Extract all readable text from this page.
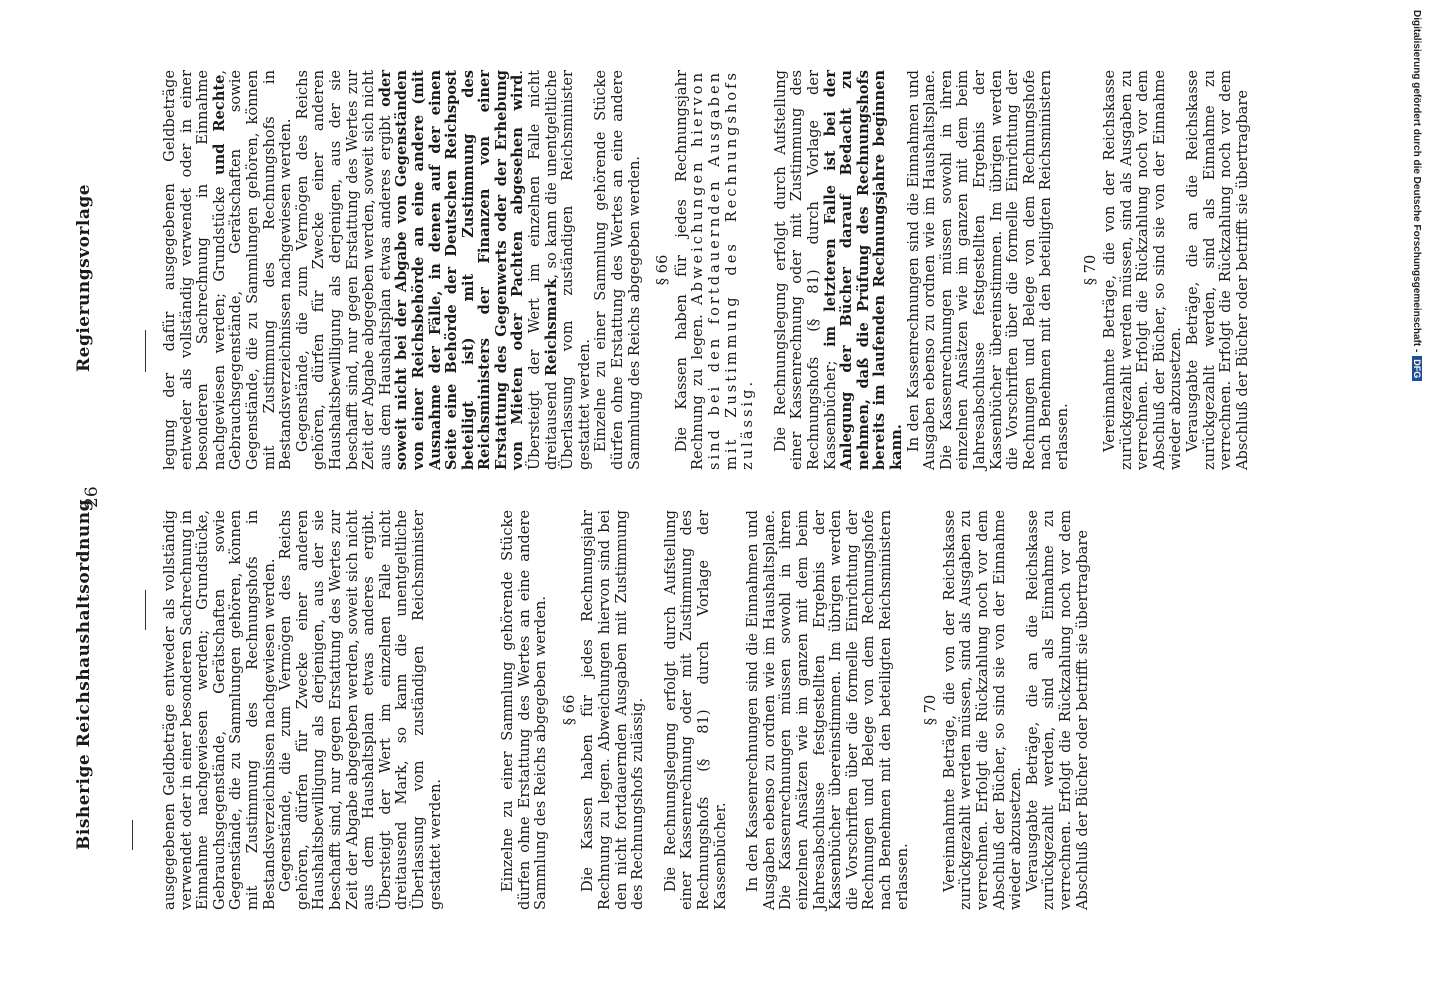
Bisherige Reichshaushaltsordnung
26
Regierungsvorlage

ausgegebenen Geldbeträge entweder als vollständig verwendet oder in einer besonderen Sachrechnung in Einnahme nachgewiesen werden; Grundstücke, Gebrauchsgegenstände, Gerätschaften sowie Gegenstände, die zu Sammlungen gehören, können mit Zustimmung des Rechnungshofs in Bestandsverzeichnissen nachgewiesen werden. Gegenstände, die zum Vermögen des Reichs gehören, dürfen für Zwecke einer anderen Haushaltsbewilligung als derjenigen, aus der sie beschafft sind, nur gegen Erstattung des Wertes zur Zeit der Abgabe abgegeben werden, soweit sich nicht aus dem Haushaltsplan etwas anderes ergibt. Übersteigt der Wert im einzelnen Falle nicht dreitausend Mark, so kann die unentgeltliche Überlassung vom zuständigen Reichsminister gestattet werden.	Einzelne zu einer Sammlung gehörende Stücke dürfen ohne Erstattung des Wertes an eine andere Sammlung des Reichs abgegeben werden. § 66 Die Kassen haben für jedes Rechnungsjahr Rechnung zu legen. Abweichungen hiervon sind bei den nicht fortdauernden Ausgaben mit Zustimmung des Rechnungshofs zulässig. Die Rechnungslegung erfolgt durch Aufstellung einer Kassenrechnung oder mit Zustimmung des Rechnungshofs (§ 81) durch Vorlage der Kassenbücher. In den Kassenrechnungen sind die Einnahmen und Ausgaben ebenso zu ordnen wie im Haushaltsplane. Die Kassenrechnungen müssen sowohl in ihren einzelnen Ansätzen wie im ganzen mit dem beim Jahresabschlusse festgestellten Ergebnis der Kassenbücher übereinstimmen. Im übrigen werden die Vorschriften über die formelle Einrichtung der Rechnungen und Belege von dem Rechnungshofe nach Benehmen mit den beteiligten Reichsministern erlassen.

§ 70 Vereinnahmte Beträge, die von der Reichskasse zurückgezahlt werden müssen, sind als Ausgaben zu verrechnen. Erfolgt die Rückzahlung noch vor dem Abschluß der Bücher, so sind sie von der Einnahme wieder abzusetzen. Verausgabte Beträge, die an die Reichskasse zurückgezahlt werden, sind als Einnahme zu verrechnen. Erfolgt die Rückzahlung noch vor dem Abschluß der Bücher oder betrifft sie übertragbare

legung der dafür ausgegebenen Geldbeträge entweder als vollständig verwendet oder in einer besonderen Sachrechnung in Einnahme nachgewiesen werden; Grundstücke und Rechte, Gebrauchsgegenstände, Gerätschaften sowie Gegenstände, die zu Sammlungen gehören, können mit Zustimmung des Rechnungshofs in Bestandsverzeichnissen nachgewiesen werden. Gegenstände, die zum Vermögen des Reichs gehören, dürfen für Zwecke einer anderen Haushaltsbewilligung als derjenigen, aus der sie beschafft sind, nur gegen Erstattung des Wertes zur Zeit der Abgabe abgegeben werden, soweit sich nicht aus dem Haushaltsplan etwas anderes ergibt oder soweit nicht bei der Abgabe von Gegenständen von einer Reichsbehörde an eine andere (mit Ausnahme der Fälle, in denen auf der einen Seite eine Behörde der Deutschen Reichspost beteiligt ist) mit Zustimmung des Reichsministers der Finanzen von einer Erstattung des Gegenwerts oder der Erhebung von Mieten oder Pachten abgesehen wird. Übersteigt der Wert im einzelnen Falle nicht dreitausend Reichsmark, so kann die unentgeltliche Überlassung vom zuständigen Reichsminister gestattet werden. Einzelne zu einer Sammlung gehörende Stücke dürfen ohne Erstattung des Wertes an eine andere Sammlung des Reichs abgegeben werden. § 66 Die Kassen haben für jedes Rechnungsjahr Rechnung zu legen. Abweichungen hiervon sind bei den fortdauernden Ausgaben mit Zustimmung des Rechnungshofs zulässig. Die Rechnungslegung erfolgt durch Aufstellung einer Kassenrechnung oder mit Zustimmung des Rechnungshofs (§ 81) durch Vorlage der Kassenbücher; im letzteren Falle ist bei der Anlegung der Bücher darauf Bedacht zu nehmen, daß die Prüfung des Rechnungshofs bereits im laufenden Rechnungsjahre beginnen kann. In den Kassenrechnungen sind die Einnahmen und Ausgaben ebenso zu ordnen wie im Haushaltsplane. Die Kassenrechnungen müssen sowohl in ihren einzelnen Ansätzen wie im ganzen mit dem beim Jahresabschlusse festgestellten Ergebnis der Kassenbücher übereinstimmen. Im übrigen werden die Vorschriften über die formelle Einrichtung der Rechnungen und Belege von dem Rechnungshofe nach Benehmen mit den beteiligten Reichsministern erlassen.

§ 70 Vereinnahmte Beträge, die von der Reichskasse zurückgezahlt werden müssen, sind als Ausgaben zu verrechnen. Erfolgt die Rückzahlung noch vor dem Abschluß der Bücher, so sind sie von der Einnahme wieder abzusetzen. Verausgabte Beträge, die an die Reichskasse zurückgezahlt werden, sind als Einnahme zu verrechnen. Erfolgt die Rückzahlung noch vor dem Abschluß der Bücher oder betrifft sie übertragbare	Digitalisierung gefördert durch die Deutsche Forschungsgemeinschaft -DFG
